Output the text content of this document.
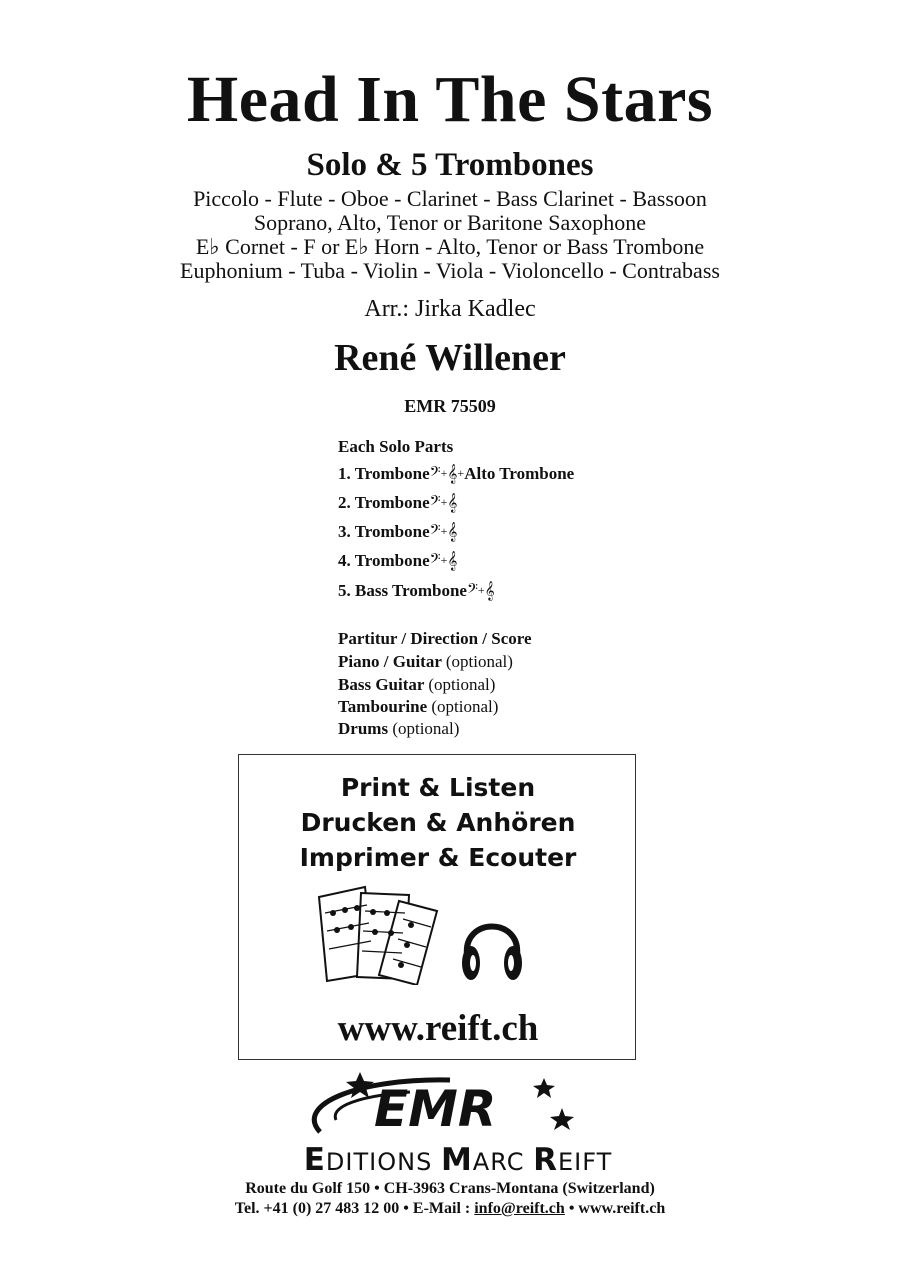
Head In The Stars
Solo & 5 Trombones
Piccolo - Flute - Oboe - Clarinet - Bass Clarinet - Bassoon
Soprano, Alto, Tenor or Baritone Saxophone
E♭ Cornet - F or E♭ Horn - Alto, Tenor or Bass Trombone
Euphonium - Tuba - Violin - Viola - Violoncello - Contrabass
Arr.: Jirka Kadlec
René Willener
EMR 75509
Each Solo Parts
1. Trombone𝄢+𝄞+Alto Trombone
2. Trombone𝄢+𝄞
3. Trombone𝄢+𝄞
4. Trombone𝄢+𝄞
5. Bass Trombone𝄢+𝄞
Partitur / Direction / Score
Piano / Guitar (optional)
Bass Guitar (optional)
Tambourine (optional)
Drums (optional)
Print & Listen
Drucken & Anhören
Imprimer & Ecouter
www.reift.ch
EMR
EDITIONS MARC REIFT
Route du Golf 150 • CH-3963 Crans-Montana (Switzerland)
Tel. +41 (0) 27 483 12 00 • E-Mail : info@reift.ch • www.reift.ch
